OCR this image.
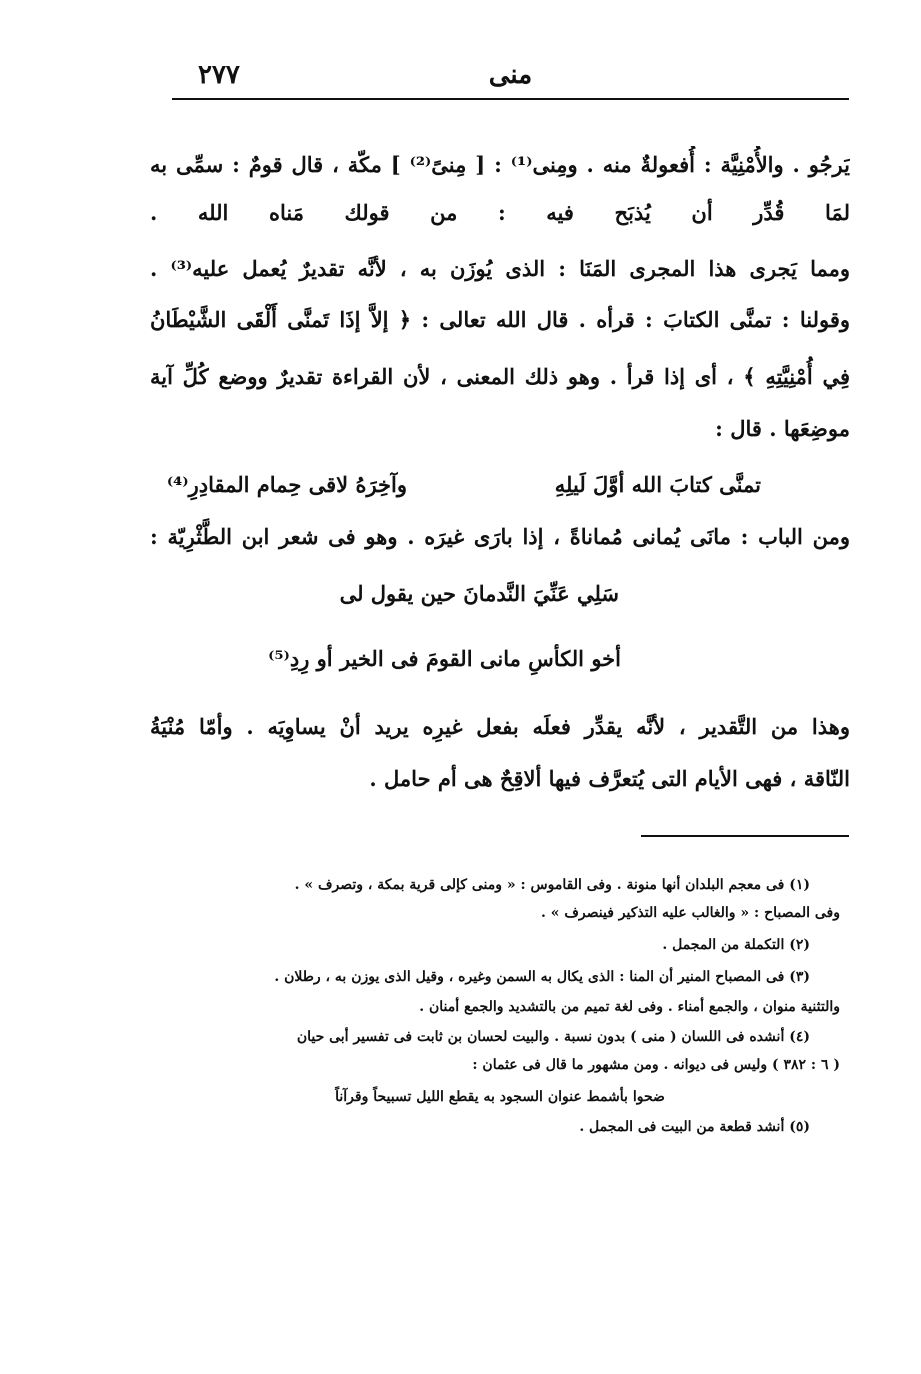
٢٧٧	منى
يَرجُو . والأُمْنِيَّة : أُفعولةٌ منه . ومِنى⁽¹⁾ : [ مِنىً⁽²⁾ ] مكّة ، قال قومٌ : سمِّى به
لمَا قُدِّر أن يُذبَح فيه : من قولك مَناه الله .
ومما يَجرى هذا المجرى المَنَا : الذى يُوزَن به ، لأنَّه تقديرٌ يُعمل عليه⁽³⁾ .
وقولنا : تمنَّى الكتابَ : قرأه . قال الله تعالى : ﴿ إلاَّ إذَا تَمنَّى أَلْقَى الشَّيْطَانُ
فِي أُمْنِيَّتِهِ ﴾ ، أى إذا قرأ . وهو ذلك المعنى ، لأن القراءة تقديرٌ ووضع كُلِّ آية
موضِعَها . قال :
ومن الباب : مانَى يُمانى مُماناةً ، إذا بارَى غيرَه . وهو فى شعر ابن الطَّثْرِيّة :
وهذا من التَّقدير ، لأنَّه يقدِّر فعلَه بفعل غيرِه يريد أنْ يساوِيَه . وأمّا مُنْيَةُ
النّاقة ، فهى الأيام التى يُتعرَّف فيها ألاقِحٌ هى أم حامل .
تمنَّى كتابَ الله أوَّلَ لَيلِهِ
وآخِرَهُ لاقى حِمام المقادِرِ⁽⁴⁾
سَلِي عَنِّيَ النَّدمانَ حين يقول لى
أخو الكأسِ مانى القومَ فى الخير أو رِدِ⁽⁵⁾
(١) فى معجم البلدان أنها منونة . وفى القاموس : « ومنى كإلى قرية بمكة ، وتصرف » .
وفى المصباح : « والغالب عليه التذكير فينصرف » .
(٢) التكملة من المجمل .
(٣) فى المصباح المنير أن المنا : الذى يكال به السمن وغيره ، وقيل الذى يوزن به ، رطلان .
والتثنية منوان ، والجمع أمناء . وفى لغة تميم من بالتشديد والجمع أمنان .
(٤) أنشده فى اللسان ( منى ) بدون نسبة . والبيت لحسان بن ثابت فى تفسير أبى حيان
( ٦ : ٣٨٢ ) وليس فى ديوانه . ومن مشهور ما قال فى عثمان :
ضحوا بأشمط عنوان السجود به يقطع الليل تسبيحاً وقرآناً
(٥) أنشد قطعة من البيت فى المجمل .
